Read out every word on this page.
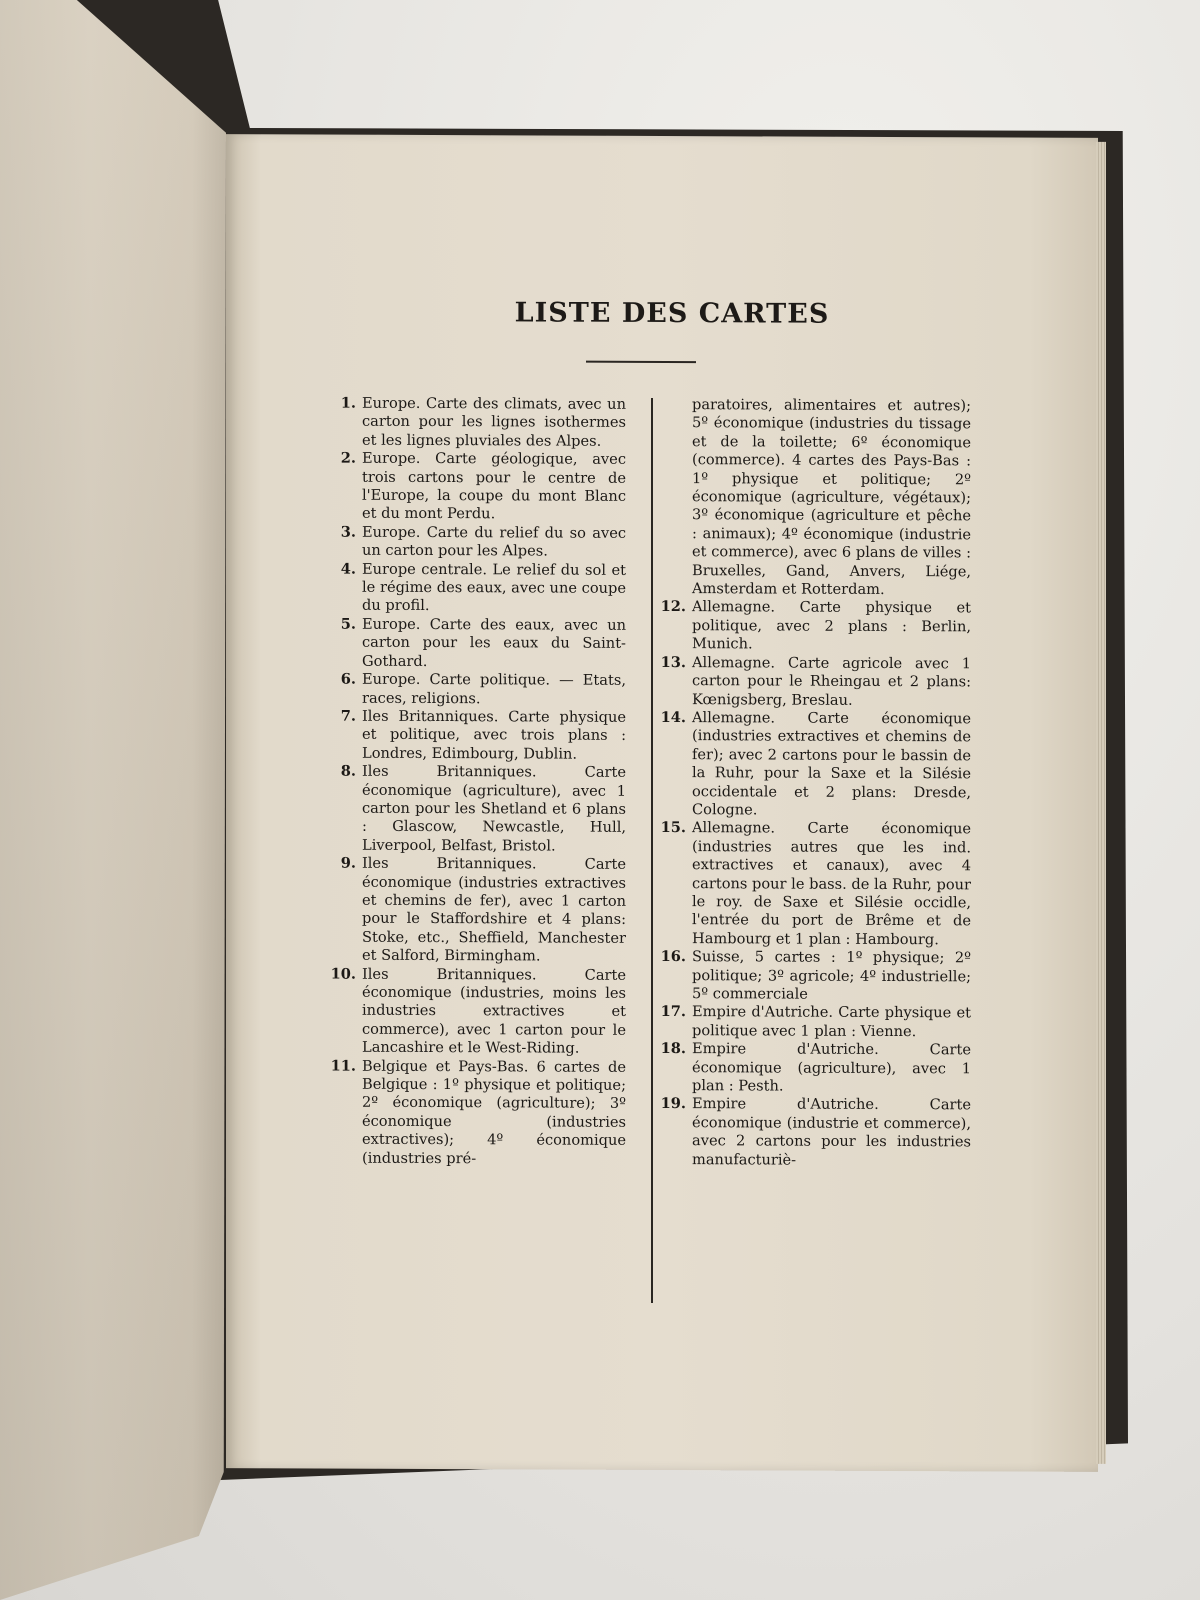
LISTE DES CARTES
1. Europe. Carte des climats, avec un carton pour les lignes isothermes et les lignes pluviales des Alpes.
2. Europe. Carte géologique, avec trois cartons pour le centre de l'Europe, la coupe du mont Blanc et du mont Perdu.
3. Europe. Carte du relief du so avec un carton pour les Alpes.
4. Europe centrale. Le relief du sol et le régime des eaux, avec une coupe du profil.
5. Europe. Carte des eaux, avec un carton pour les eaux du Saint-Gothard.
6. Europe. Carte politique. — Etats, races, religions.
7. Iles Britanniques. Carte physique et politique, avec trois plans : Londres, Edimbourg, Dublin.
8. Iles Britanniques. Carte économique (agriculture), avec 1 carton pour les Shetland et 6 plans : Glascow, Newcastle, Hull, Liverpool, Belfast, Bristol.
9. Iles Britanniques. Carte économique (industries extractives et chemins de fer), avec 1 carton pour le Staffordshire et 4 plans: Stoke, etc., Sheffield, Manchester et Salford, Birmingham.
10. Iles Britanniques. Carte économique (industries, moins les industries extractives et commerce), avec 1 carton pour le Lancashire et le West-Riding.
11. Belgique et Pays-Bas. 6 cartes de Belgique : 1º physique et politique; 2º économique (agriculture); 3º économique (industries extractives); 4º économique (industries pré-
paratoires, alimentaires et autres); 5º économique (industries du tissage et de la toilette; 6º économique (commerce). 4 cartes des Pays-Bas : 1º physique et politique; 2º économique (agriculture, végétaux); 3º économique (agriculture et pêche : animaux); 4º économique (industrie et commerce), avec 6 plans de villes : Bruxelles, Gand, Anvers, Liége, Amsterdam et Rotterdam.
12. Allemagne. Carte physique et politique, avec 2 plans : Berlin, Munich.
13. Allemagne. Carte agricole avec 1 carton pour le Rheingau et 2 plans: Kœnigsberg, Breslau.
14. Allemagne. Carte économique (industries extractives et chemins de fer); avec 2 cartons pour le bassin de la Ruhr, pour la Saxe et la Silésie occidentale et 2 plans: Dresde, Cologne.
15. Allemagne. Carte économique (industries autres que les ind. extractives et canaux), avec 4 cartons pour le bass. de la Ruhr, pour le roy. de Saxe et Silésie occidle, l'entrée du port de Brême et de Hambourg et 1 plan : Hambourg.
16. Suisse, 5 cartes : 1º physique; 2º politique; 3º agricole; 4º industrielle; 5º commerciale
17. Empire d'Autriche. Carte physique et politique avec 1 plan : Vienne.
18. Empire d'Autriche. Carte économique (agriculture), avec 1 plan : Pesth.
19. Empire d'Autriche. Carte économique (industrie et commerce), avec 2 cartons pour les industries manufacturiè-
